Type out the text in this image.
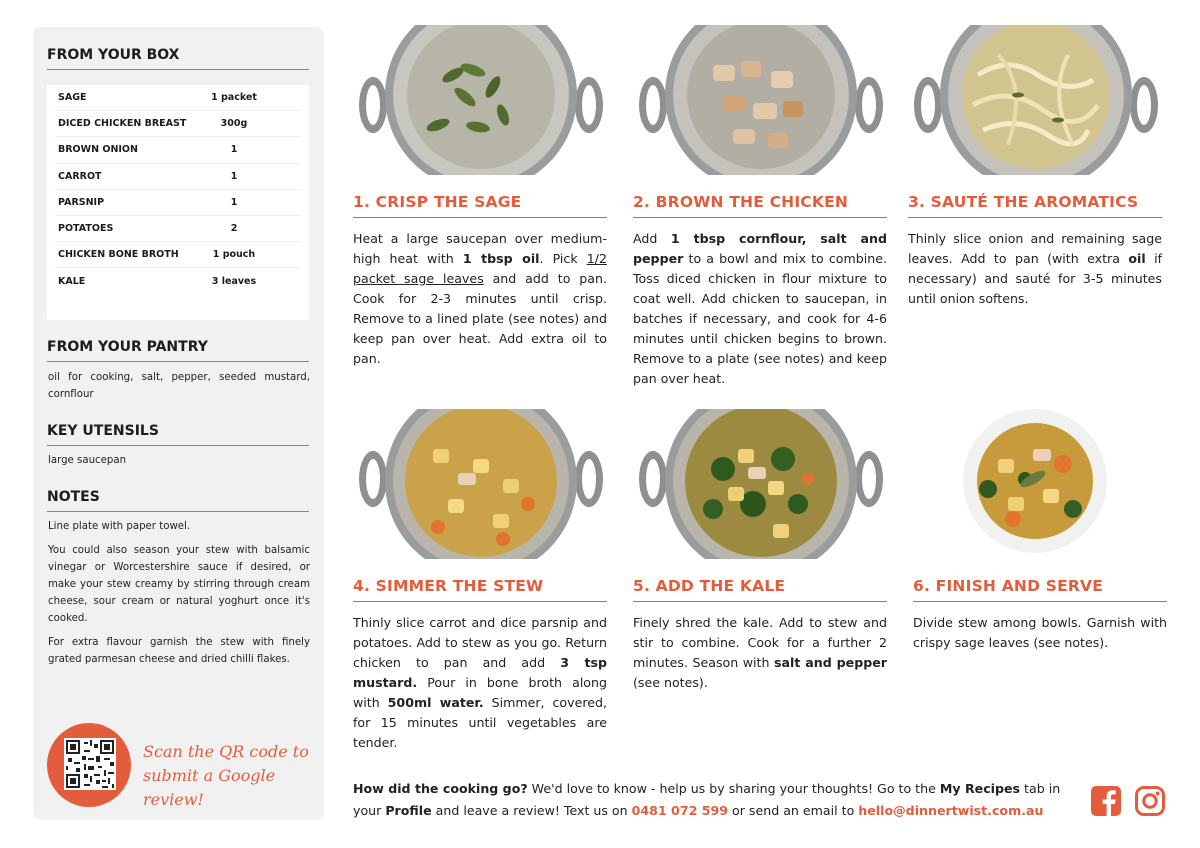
FROM YOUR BOX
SAGE	1 packet
DICED CHICKEN BREAST	300g
BROWN ONION	1
CARROT	1
PARSNIP	1
POTATOES	2
CHICKEN BONE BROTH	1 pouch
KALE	3 leaves
FROM YOUR PANTRY
oil for cooking, salt, pepper, seeded mustard, cornflour
KEY UTENSILS
large saucepan
NOTES

Line plate with paper towel.

You could also season your stew with balsamic vinegar or Worcestershire sauce if desired, or make your stew creamy by stirring through cream cheese, sour cream or natural yoghurt once it's cooked.

For extra flavour garnish the stew with finely grated parmesan cheese and dried chilli flakes.

Scan the QR code to
submit a Google review!
1. CRISP THE SAGE
Heat a large saucepan over medium-high heat with 1 tbsp oil. Pick 1/2 packet sage leaves and add to pan. Cook for 2-3 minutes until crisp. Remove to a lined plate (see notes) and keep pan over heat. Add extra oil to pan.
2. BROWN THE CHICKEN
Add 1 tbsp cornflour, salt and pepper to a bowl and mix to combine. Toss diced chicken in flour mixture to coat well. Add chicken to saucepan, in batches if necessary, and cook for 4-6 minutes until chicken begins to brown. Remove to a plate (see notes) and keep pan over heat.
3. SAUTÉ THE AROMATICS
Thinly slice onion and remaining sage leaves. Add to pan (with extra oil if necessary) and sauté for 3-5 minutes until onion softens.
4. SIMMER THE STEW
Thinly slice carrot and dice parsnip and potatoes. Add to stew as you go. Return chicken to pan and add 3 tsp mustard. Pour in bone broth along with 500ml water. Simmer, covered, for 15 minutes until vegetables are tender.
5. ADD THE KALE
Finely shred the kale. Add to stew and stir to combine. Cook for a further 2 minutes. Season with salt and pepper (see notes).
6. FINISH AND SERVE
Divide stew among bowls. Garnish with crispy sage leaves (see notes).
How did the cooking go? We'd love to know - help us by sharing your thoughts! Go to the My Recipes tab in your Profile and leave a review! Text us on 0481 072 599 or send an email to hello@dinnertwist.com.au
